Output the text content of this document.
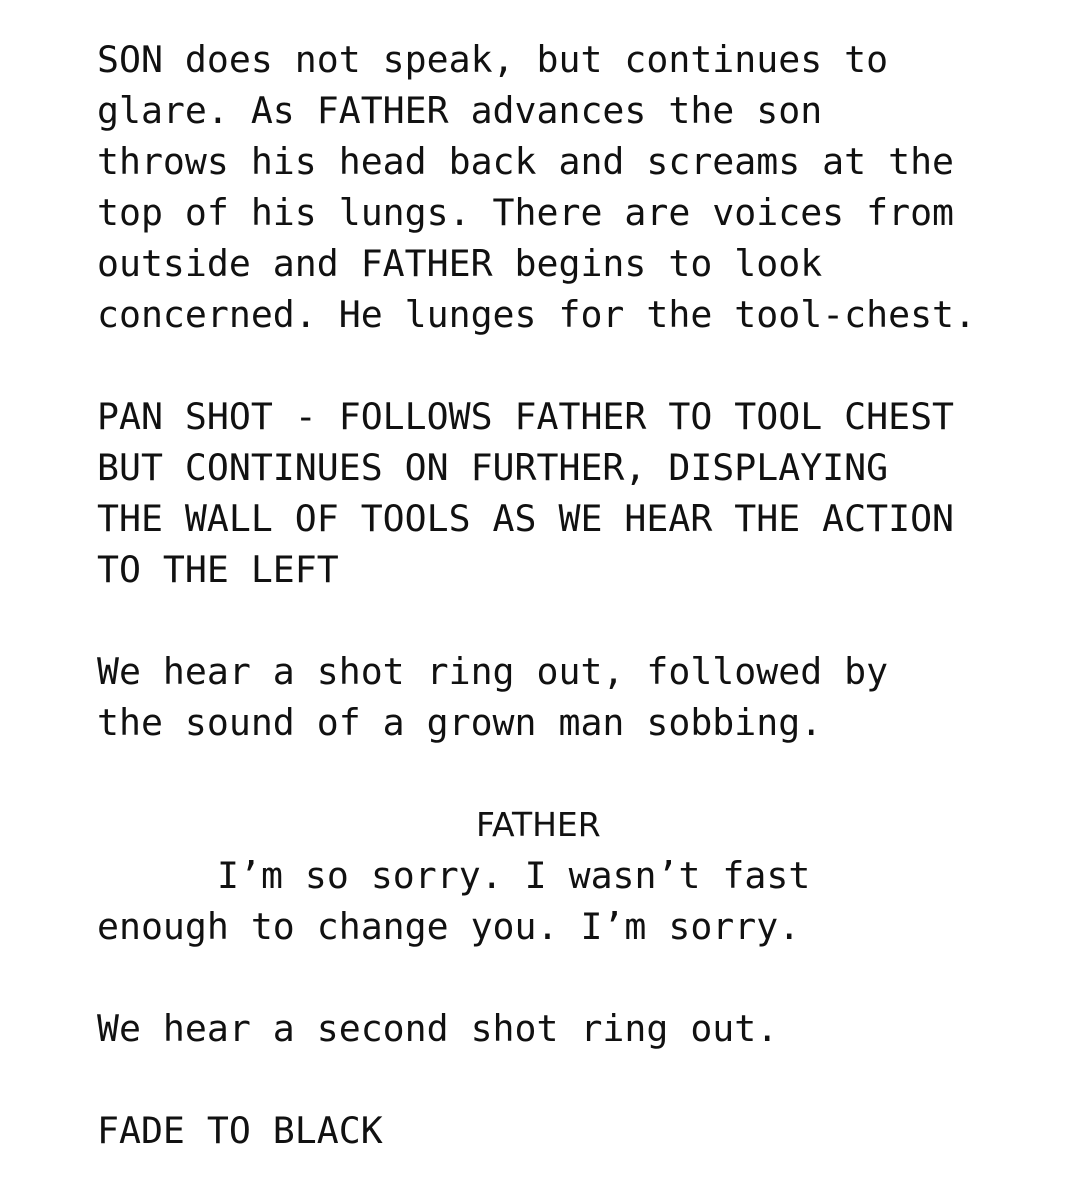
SON does not speak, but continues to
glare. As FATHER advances the son
throws his head back and screams at the
top of his lungs. There are voices from
outside and FATHER begins to look
concerned. He lunges for the tool-chest.
PAN SHOT - FOLLOWS FATHER TO TOOL CHEST
BUT CONTINUES ON FURTHER, DISPLAYING
THE WALL OF TOOLS AS WE HEAR THE ACTION
TO THE LEFT
We hear a shot ring out, followed by
the sound of a grown man sobbing.
FATHER
I’m so sorry. I wasn’t fast
enough to change you. I’m sorry.
We hear a second shot ring out.
FADE TO BLACK
